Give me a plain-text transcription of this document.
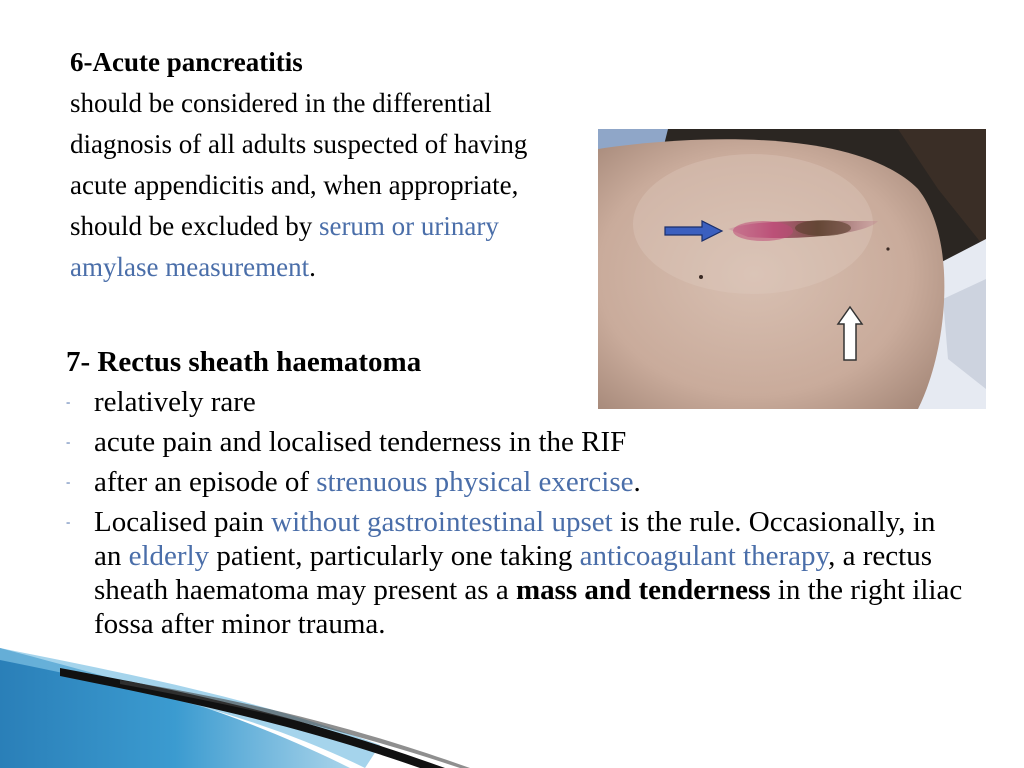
6-Acute pancreatitis
should be considered in the differential diagnosis of all adults suspected of having acute appendicitis and, when appropriate, should be excluded by serum or urinary amylase measurement.
7- Rectus sheath haematoma
- relatively rare
- acute pain and localised tenderness in the RIF
- after an episode of strenuous physical exercise.
- Localised pain without gastrointestinal upset is the rule. Occasionally, in an elderly patient, particularly one taking anticoagulant therapy, a rectus sheath haematoma may present as a mass and tenderness in the right iliac fossa after minor trauma.
